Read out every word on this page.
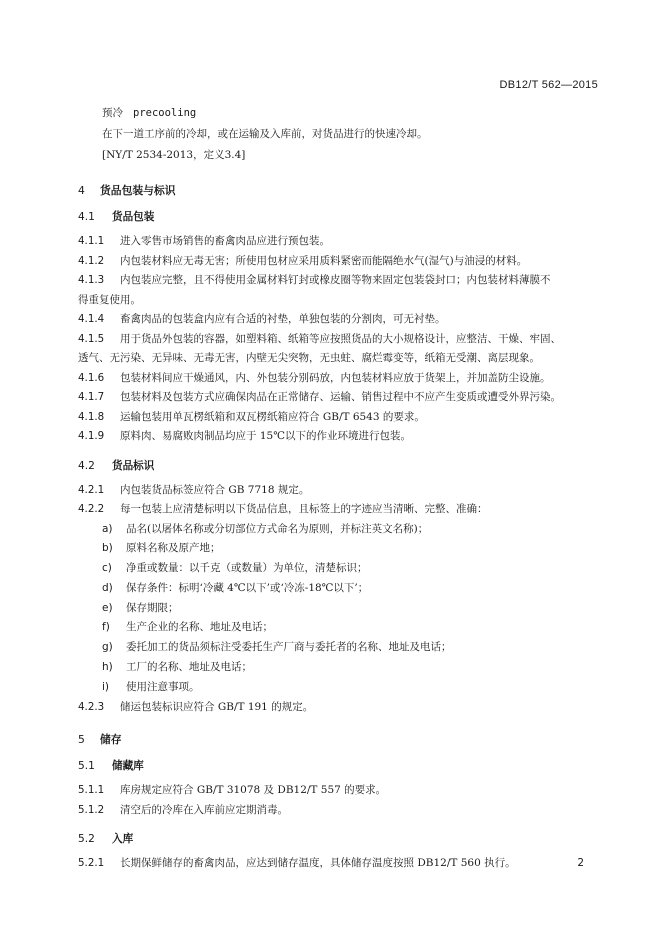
DB12/T 562—2015
预冷 precooling
在下一道工序前的冷却，或在运输及入库前，对货品进行的快速冷却。
[NY/T 2534-2013，定义3.4]
4 货品包装与标识
4.1 货品包装
4.1.1 进入零售市场销售的畜禽肉品应进行预包装。
4.1.2 内包装材料应无毒无害；所使用包材应采用质料紧密而能隔绝水气(湿气)与油浸的材料。
4.1.3 内包装应完整，且不得使用金属材料钉封或橡皮圈等物来固定包装袋封口；内包装材料薄膜不
得重复使用。
4.1.4 畜禽肉品的包装盒内应有合适的衬垫，单独包装的分割肉，可无衬垫。
4.1.5 用于货品外包装的容器，如塑料箱、纸箱等应按照货品的大小规格设计，应整洁、干燥、牢固、
透气、无污染、无异味、无毒无害，内壁无尖突物，无虫蛀、腐烂霉变等，纸箱无受潮、离层现象。
4.1.6 包装材料间应干燥通风，内、外包装分别码放，内包装材料应放于货架上，并加盖防尘设施。
4.1.7 包装材料及包装方式应确保肉品在正常储存、运输、销售过程中不应产生变质或遭受外界污染。
4.1.8 运输包装用单瓦楞纸箱和双瓦楞纸箱应符合 GB/T 6543 的要求。
4.1.9 原料肉、易腐败肉制品均应于 15℃以下的作业环境进行包装。
4.2 货品标识
4.2.1 内包装货品标签应符合 GB 7718 规定。
4.2.2 每一包装上应清楚标明以下货品信息，且标签上的字迹应当清晰、完整、准确：
a) 品名(以屠体名称或分切部位方式命名为原则，并标注英文名称)；
b) 原料名称及原产地；
c) 净重或数量：以千克（或数量）为单位，清楚标识；
d) 保存条件：标明‘冷藏 4℃以下’或‘冷冻-18℃以下’；
e) 保存期限；
f) 生产企业的名称、地址及电话；
g) 委托加工的货品须标注受委托生产厂商与委托者的名称、地址及电话；
h) 工厂的名称、地址及电话；
i) 使用注意事项。
4.2.3 储运包装标识应符合 GB/T 191 的规定。
5 储存
5.1 储藏库
5.1.1 库房规定应符合 GB/T 31078 及 DB12/T 557 的要求。
5.1.2 清空后的冷库在入库前应定期消毒。
5.2 入库
5.2.1 长期保鲜储存的畜禽肉品，应达到储存温度，具体储存温度按照 DB12/T 560 执行。	2
